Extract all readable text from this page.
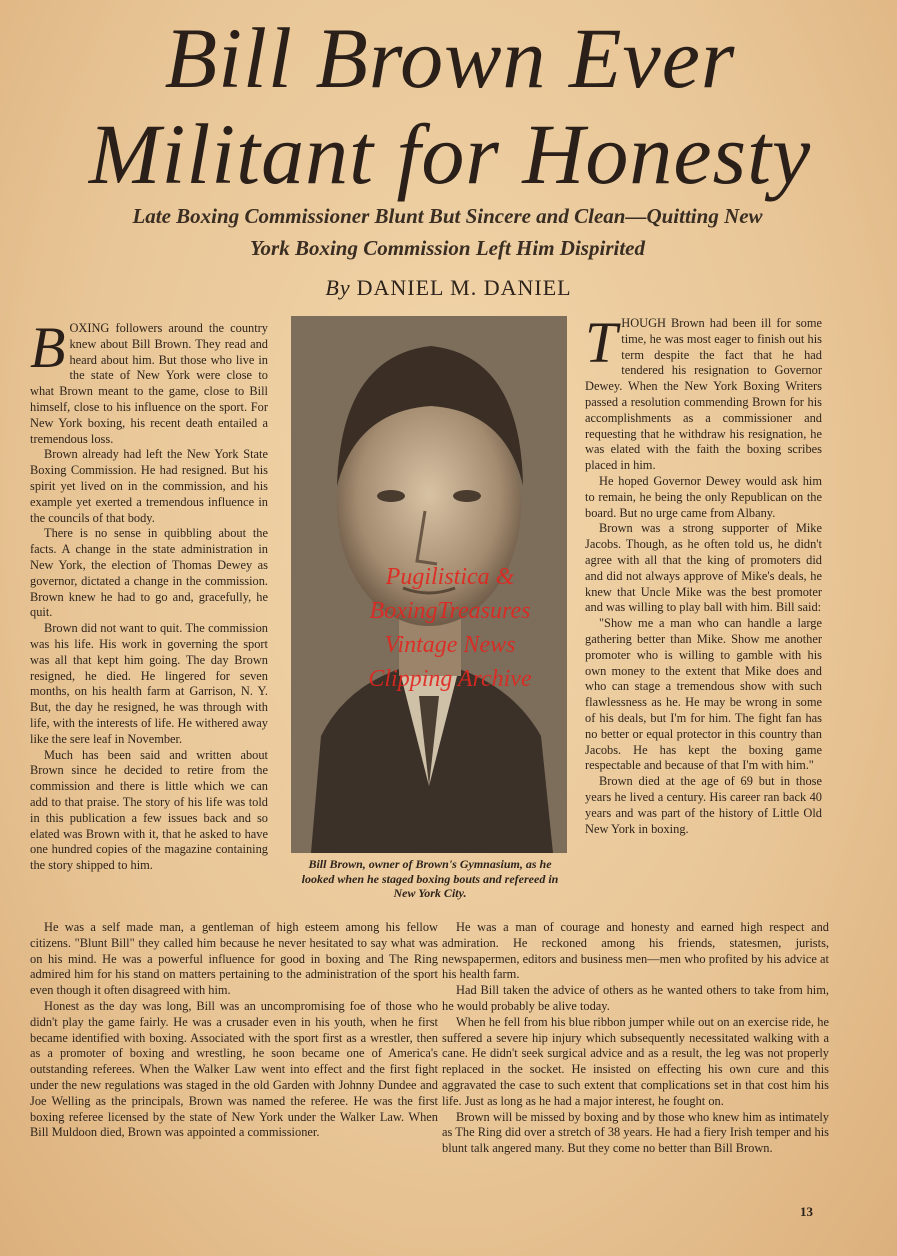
Bill Brown Ever
Militant for Honesty
Late Boxing Commissioner Blunt But Sincere and Clean—Quitting New
York Boxing Commission Left Him Dispirited
By DANIEL M. DANIEL

BOXING followers around the country knew about Bill Brown. They read and heard about him. But those who live in the state of New York were close to what Brown meant to the game, close to Bill himself, close to his influence on the sport. For New York boxing, his recent death entailed a tremendous loss.

Brown already had left the New York State Boxing Commission. He had resigned. But his spirit yet lived on in the commission, and his example yet exerted a tremendous influence in the councils of that body.

There is no sense in quibbling about the facts. A change in the state administration in New York, the election of Thomas Dewey as governor, dictated a change in the commission. Brown knew he had to go and, gracefully, he quit.

Brown did not want to quit. The commission was his life. His work in governing the sport was all that kept him going. The day Brown resigned, he died. He lingered for seven months, on his health farm at Garrison, N. Y. But, the day he resigned, he was through with life, with the interests of life. He withered away like the sere leaf in November.

Much has been said and written about Brown since he decided to retire from the commission and there is little which we can add to that praise. The story of his life was told in this publication a few issues back and so elated was Brown with it, that he asked to have one hundred copies of the magazine containing the story shipped to him.	Bill Brown, owner of Brown's Gymnasium, as he looked when he staged boxing bouts and refereed in New York City.

THOUGH Brown had been ill for some time, he was most eager to finish out his term despite the fact that he had tendered his resignation to Governor Dewey. When the New York Boxing Writers passed a resolution commending Brown for his accomplishments as a commissioner and requesting that he withdraw his resignation, he was elated with the faith the boxing scribes placed in him.

He hoped Governor Dewey would ask him to remain, he being the only Republican on the board. But no urge came from Albany.

Brown was a strong supporter of Mike Jacobs. Though, as he often told us, he didn't agree with all that the king of promoters did and did not always approve of Mike's deals, he knew that Uncle Mike was the best promoter and was willing to play ball with him. Bill said:

"Show me a man who can handle a large gathering better than Mike. Show me another promoter who is willing to gamble with his own money to the extent that Mike does and who can stage a tremendous show with such flawlessness as he. He may be wrong in some of his deals, but I'm for him. The fight fan has no better or equal protector in this country than Jacobs. He has kept the boxing game respectable and because of that I'm with him."

Brown died at the age of 69 but in those years he lived a century. His career ran back 40 years and was part of the history of Little Old New York in boxing.

He was a self made man, a gentleman of high esteem among his fellow citizens. "Blunt Bill" they called him because he never hesitated to say what was on his mind. He was a powerful influence for good in boxing and The Ring admired him for his stand on matters pertaining to the administration of the sport even though it often disagreed with him.

Honest as the day was long, Bill was an uncompromising foe of those who didn't play the game fairly. He was a crusader even in his youth, when he first became identified with boxing. Associated with the sport first as a wrestler, then as a promoter of boxing and wrestling, he soon became one of America's outstanding referees. When the Walker Law went into effect and the first fight under the new regulations was staged in the old Garden with Johnny Dundee and Joe Welling as the principals, Brown was named the referee. He was the first boxing referee licensed by the state of New York under the Walker Law. When Bill Muldoon died, Brown was appointed a commissioner.

He was a man of courage and honesty and earned high respect and admiration. He reckoned among his friends, statesmen, jurists, newspapermen, editors and business men—men who profited by his advice at his health farm.

Had Bill taken the advice of others as he wanted others to take from him, he would probably be alive today.

When he fell from his blue ribbon jumper while out on an exercise ride, he suffered a severe hip injury which subsequently necessitated walking with a cane. He didn't seek surgical advice and as a result, the leg was not properly replaced in the socket. He insisted on effecting his own cure and this aggravated the case to such extent that complications set in that cost him his life. Just as long as he had a major interest, he fought on.

Brown will be missed by boxing and by those who knew him as intimately as The Ring did over a stretch of 38 years. He had a fiery Irish temper and his blunt talk angered many. But they come no better than Bill Brown.

Pugilistica &
BoxingTreasures
Vintage News
Clipping Archive
13
